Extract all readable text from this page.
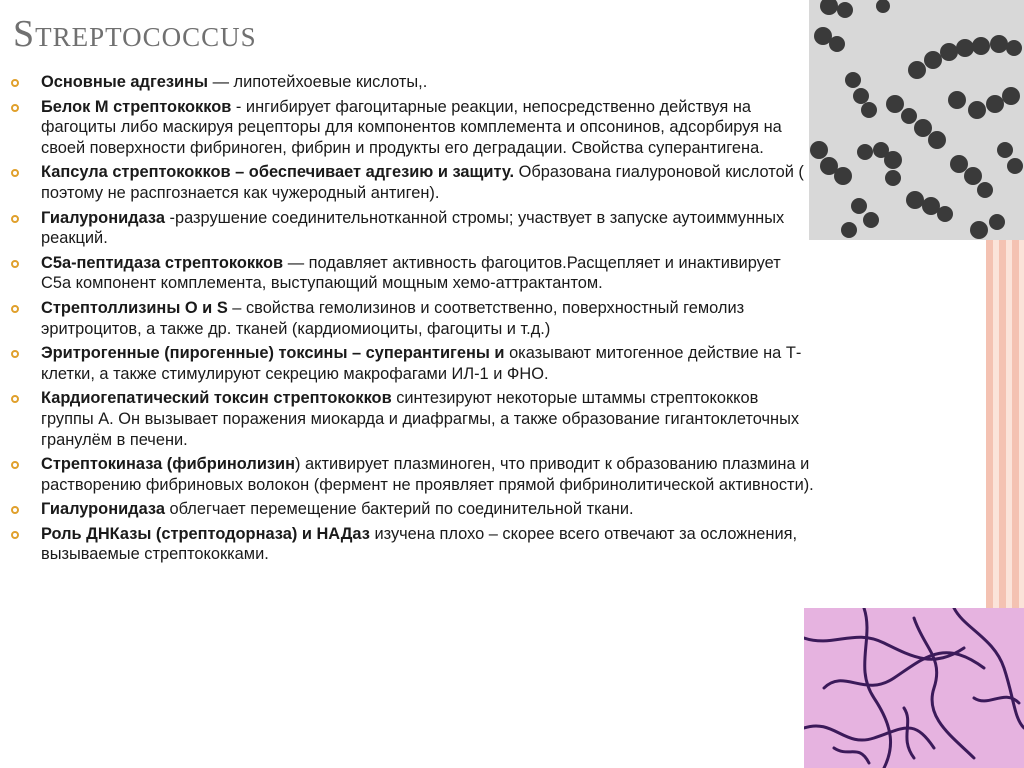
Streptococcus
Основные адгезины — липотейхоевые кислоты,.
Белок М стрептококков - ингибирует фагоцитарные реакции, непосредственно действуя на фагоциты либо маскируя рецепторы для компонентов комплемента и опсонинов, адсорбируя на своей поверхности фибриноген, фибрин и продукты его деградации. Свойства суперантигена.
Капсула стрептококков – обеспечивает адгезию и защиту. Образована гиалуроновой кислотой ( поэтому не распгознается как чужеродный антиген).
Гиалуронидаза -разрушение соединительнотканной стромы; участвует в запуске аутоиммунных реакций.
С5а-пептидаза стрептококков — подавляет активность фагоцитов.Расщепляет и инактивирует С5а компонент комплемента, выступающий мощным хемо-аттрактантом.
Стрептоллизины O и S – свойства гемолизинов и соответственно, поверхностный гемолиз эритроцитов, а также др. тканей (кардиомиоциты, фагоциты и т.д.)
Эритрогенные (пирогенные) токсины – суперантигены и оказывают митогенное действие на Т-клетки, а также стимулируют секрецию макрофагами ИЛ-1 и ФНО.
Кардиогепатический токсин стрептококков синтезируют некоторые штаммы стрептококков группы А. Он вызывает поражения миокарда и диафрагмы, а также образование гигантоклеточных гранулём в печени.
Стрептокиназа (фибринолизин) активирует плазминоген, что приводит к образованию плазмина и растворению фибриновых волокон (фермент не проявляет прямой фибринолитической активности).
Гиалуронидаза облегчает перемещение бактерий по соединительной ткани.
Роль ДНКазы (стрептодорназа) и НАДаз изучена плохо – скорее всего отвечают за осложнения, вызываемые стрептококками.
